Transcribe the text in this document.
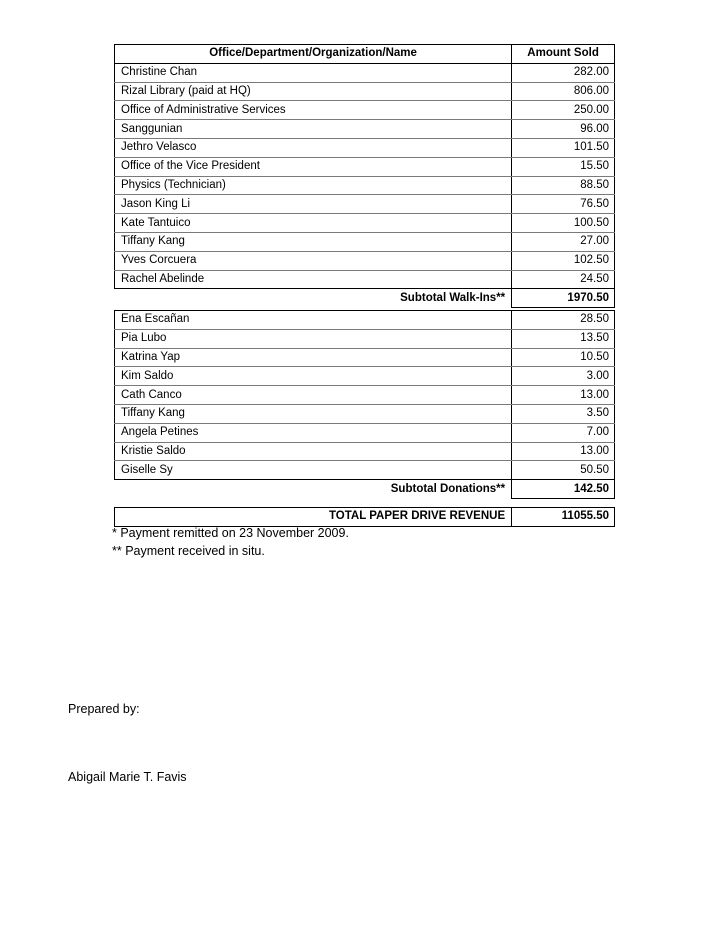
Office/Department/Organization/Name	Amount Sold
Christine Chan	282.00
Rizal Library (paid at HQ)	806.00
Office of Administrative Services	250.00
Sanggunian	96.00
Jethro Velasco	101.50
Office of the Vice President	15.50
Physics (Technician)	88.50
Jason King Li	76.50
Kate Tantuico	100.50
Tiffany Kang	27.00
Yves Corcuera	102.50
Rachel Abelinde	24.50
Subtotal Walk-Ins**	1970.50
Ena Escañan	28.50
Pia Lubo	13.50
Katrina Yap	10.50
Kim Saldo	3.00
Cath Canco	13.00
Tiffany Kang	3.50
Angela Petines	7.00
Kristie Saldo	13.00
Giselle Sy	50.50
Subtotal Donations**	142.50
TOTAL PAPER DRIVE REVENUE	11055.50
* Payment remitted on 23 November 2009.
** Payment received in situ.
Prepared by:
Abigail Marie T. Favis
